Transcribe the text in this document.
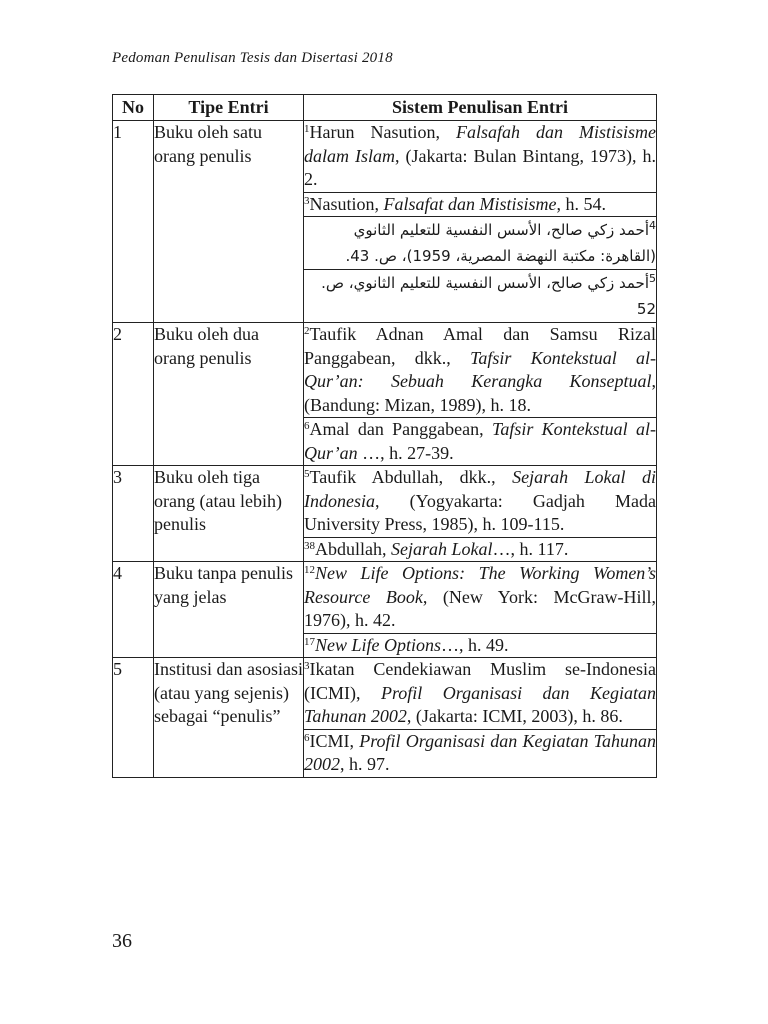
Pedoman Penulisan Tesis dan Disertasi 2018
No	Tipe Entri	Sistem Penulisan Entri
1	Buku oleh satu orang penulis	$^1$Harun Nasution, Falsafah dan Mistisisme dalam Islam, (Jakarta: Bulan Bintang, 1973), h. 2.
		$^3$Nasution, Falsafat dan Mistisisme, h. 54.
		$^4$أحمد زكي صالح، الأسس النفسية للتعليم الثانوي (القاهرة: مكتبة النهضة المصرية، 1959)، ص. 43.
		$^5$أحمد زكي صالح، الأسس النفسية للتعليم الثانوي، ص. 52
2	Buku oleh dua orang penulis	$^2$Taufik Adnan Amal dan Samsu Rizal Panggabean, dkk., Tafsir Kontekstual al-Qur’an: Sebuah Kerangka Konseptual, (Bandung: Mizan, 1989), h. 18.
		$^6$Amal dan Panggabean, Tafsir Kontekstual al-Qur’an …, h. 27-39.
3	Buku oleh tiga orang (atau lebih) penulis	$^5$Taufik Abdullah, dkk., Sejarah Lokal di Indonesia, (Yogyakarta: Gadjah Mada University Press, 1985), h. 109-115.
		$^{38}$Abdullah, Sejarah Lokal…, h. 117.
4	Buku tanpa penulis yang jelas	$^{12}$New Life Options: The Working Women’s Resource Book, (New York: McGraw-Hill, 1976), h. 42.
		$^{17}$New Life Options…, h. 49.
5	Institusi dan asosiasi (atau yang sejenis) sebagai “penulis”	$^3$Ikatan Cendekiawan Muslim se-Indonesia (ICMI), Profil Organisasi dan Kegiatan Tahunan 2002, (Jakarta: ICMI, 2003), h. 86.
		$^6$ICMI, Profil Organisasi dan Kegiatan Tahunan 2002, h. 97.
36
